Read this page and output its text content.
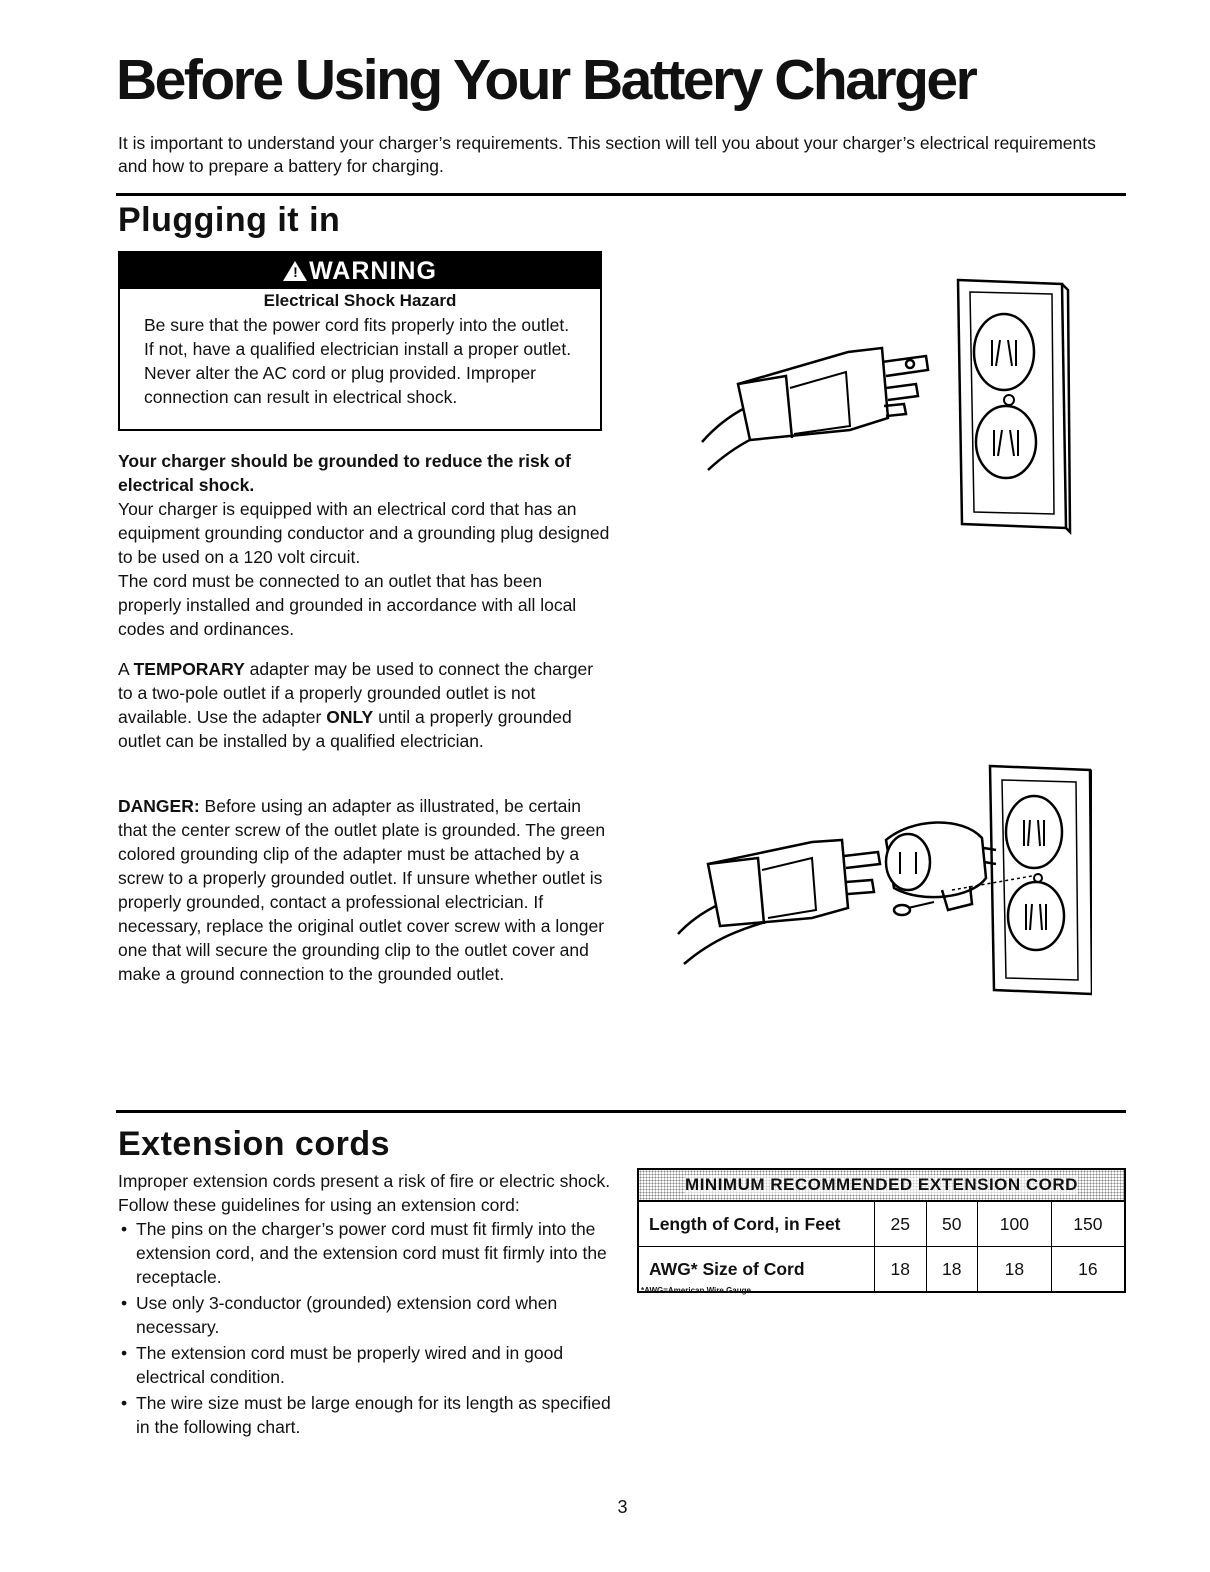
Before Using Your Battery Charger

It is important to understand your charger’s requirements. This section will tell you about your charger’s electrical requirements and how to prepare a battery for charging.

Plugging it in
! WARNING
Electrical Shock Hazard
Be sure that the power cord fits properly into the outlet. If not, have a qualified electrician install a proper outlet. Never alter the AC cord or plug provided. Improper connection can result in electrical shock.

Your charger should be grounded to reduce the risk of electrical shock.

Your charger is equipped with an electrical cord that has an equipment grounding conductor and a grounding plug designed to be used on a 120 volt circuit.

The cord must be connected to an outlet that has been properly installed and grounded in accordance with all local codes and ordinances.

A TEMPORARY adapter may be used to connect the charger to a two-pole outlet if a properly grounded outlet is not available. Use the adapter ONLY until a properly grounded outlet can be installed by a qualified electrician.

DANGER: Before using an adapter as illustrated, be certain that the center screw of the outlet plate is grounded. The green colored grounding clip of the adapter must be attached by a screw to a properly grounded outlet. If unsure whether outlet is properly grounded, contact a professional electrician. If necessary, replace the original outlet cover screw with a longer one that will secure the grounding clip to the outlet cover and make a ground connection to the grounded outlet.

Extension cords

Improper extension cords present a risk of fire or electric shock. Follow these guidelines for using an extension cord:

• The pins on the charger’s power cord must fit firmly into the extension cord, and the extension cord must fit firmly into the receptacle.
• Use only 3-conductor (grounded) extension cord when necessary.
• The extension cord must be properly wired and in good electrical condition.
• The wire size must be large enough for its length as specified in the following chart.
MINIMUM RECOMMENDED EXTENSION CORD
Length of Cord, in Feet	25	50	100	150
AWG* Size of Cord	18	18	18	16
*AWG=American Wire Gauge
3
